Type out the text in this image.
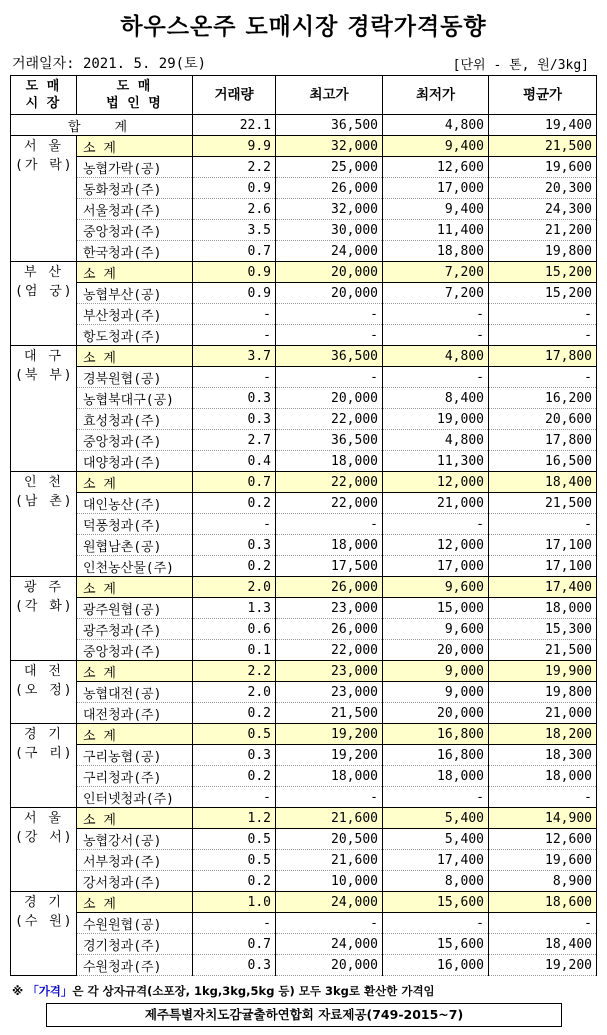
하우스온주 도매시장 경락가격동향
거래일자: 2021. 5. 29(토)	[단위 - 톤, 원/3kg]
도 매
시 장	도 매
법 인 명	거래량	최고가	최저가	평균가
합계		22.1	36,500	4,800	19,400
서 울
(가 락)	소 계	9.9	32,000	9,400	21,500
	농협가락(공)	2.2	25,000	12,600	19,600
	동화청과(주)	0.9	26,000	17,000	20,300
	서울청과(주)	2.6	32,000	9,400	24,300
	중앙청과(주)	3.5	30,000	11,400	21,200
	한국청과(주)	0.7	24,000	18,800	19,800
부 산
(엄 궁)	소 계	0.9	20,000	7,200	15,200
	농협부산(공)	0.9	20,000	7,200	15,200
	부산청과(주)	-	-	-	-
	항도청과(주)	-	-	-	-
대 구
(북 부)	소 계	3.7	36,500	4,800	17,800
	경북원협(공)	-	-	-	-
	농협북대구(공)	0.3	20,000	8,400	16,200
	효성청과(주)	0.3	22,000	19,000	20,600
	중앙청과(주)	2.7	36,500	4,800	17,800
	대양청과(주)	0.4	18,000	11,300	16,500
인 천
(남 촌)	소 계	0.7	22,000	12,000	18,400
	대인농산(주)	0.2	22,000	21,000	21,500
	덕풍청과(주)	-	-	-	-
	원협남촌(공)	0.3	18,000	12,000	17,100
	인천농산물(주)	0.2	17,500	17,000	17,100
광 주
(각 화)	소 계	2.0	26,000	9,600	17,400
	광주원협(공)	1.3	23,000	15,000	18,000
	광주청과(주)	0.6	26,000	9,600	15,300
	중앙청과(주)	0.1	22,000	20,000	21,500
대 전
(오 정)	소 계	2.2	23,000	9,000	19,900
	농협대전(공)	2.0	23,000	9,000	19,800
	대전청과(주)	0.2	21,500	20,000	21,000
경 기
(구 리)	소 계	0.5	19,200	16,800	18,200
	구리농협(공)	0.3	19,200	16,800	18,300
	구리청과(주)	0.2	18,000	18,000	18,000
	인터넷청과(주)	-	-	-	-
서 울
(강 서)	소 계	1.2	21,600	5,400	14,900
	농협강서(공)	0.5	20,500	5,400	12,600
	서부청과(주)	0.5	21,600	17,400	19,600
	강서청과(주)	0.2	10,000	8,000	8,900
경 기
(수 원)	소 계	1.0	24,000	15,600	18,600
	수원원협(공)	-	-	-	-
	경기청과(주)	0.7	24,000	15,600	18,400
	수원청과(주)	0.3	20,000	16,000	19,200
※ 「가격」은 각 상자규격(소포장, 1kg,3kg,5kg 등) 모두 3kg로 환산한 가격임
제주특별자치도감귤출하연합회 자료제공(749-2015~7)
